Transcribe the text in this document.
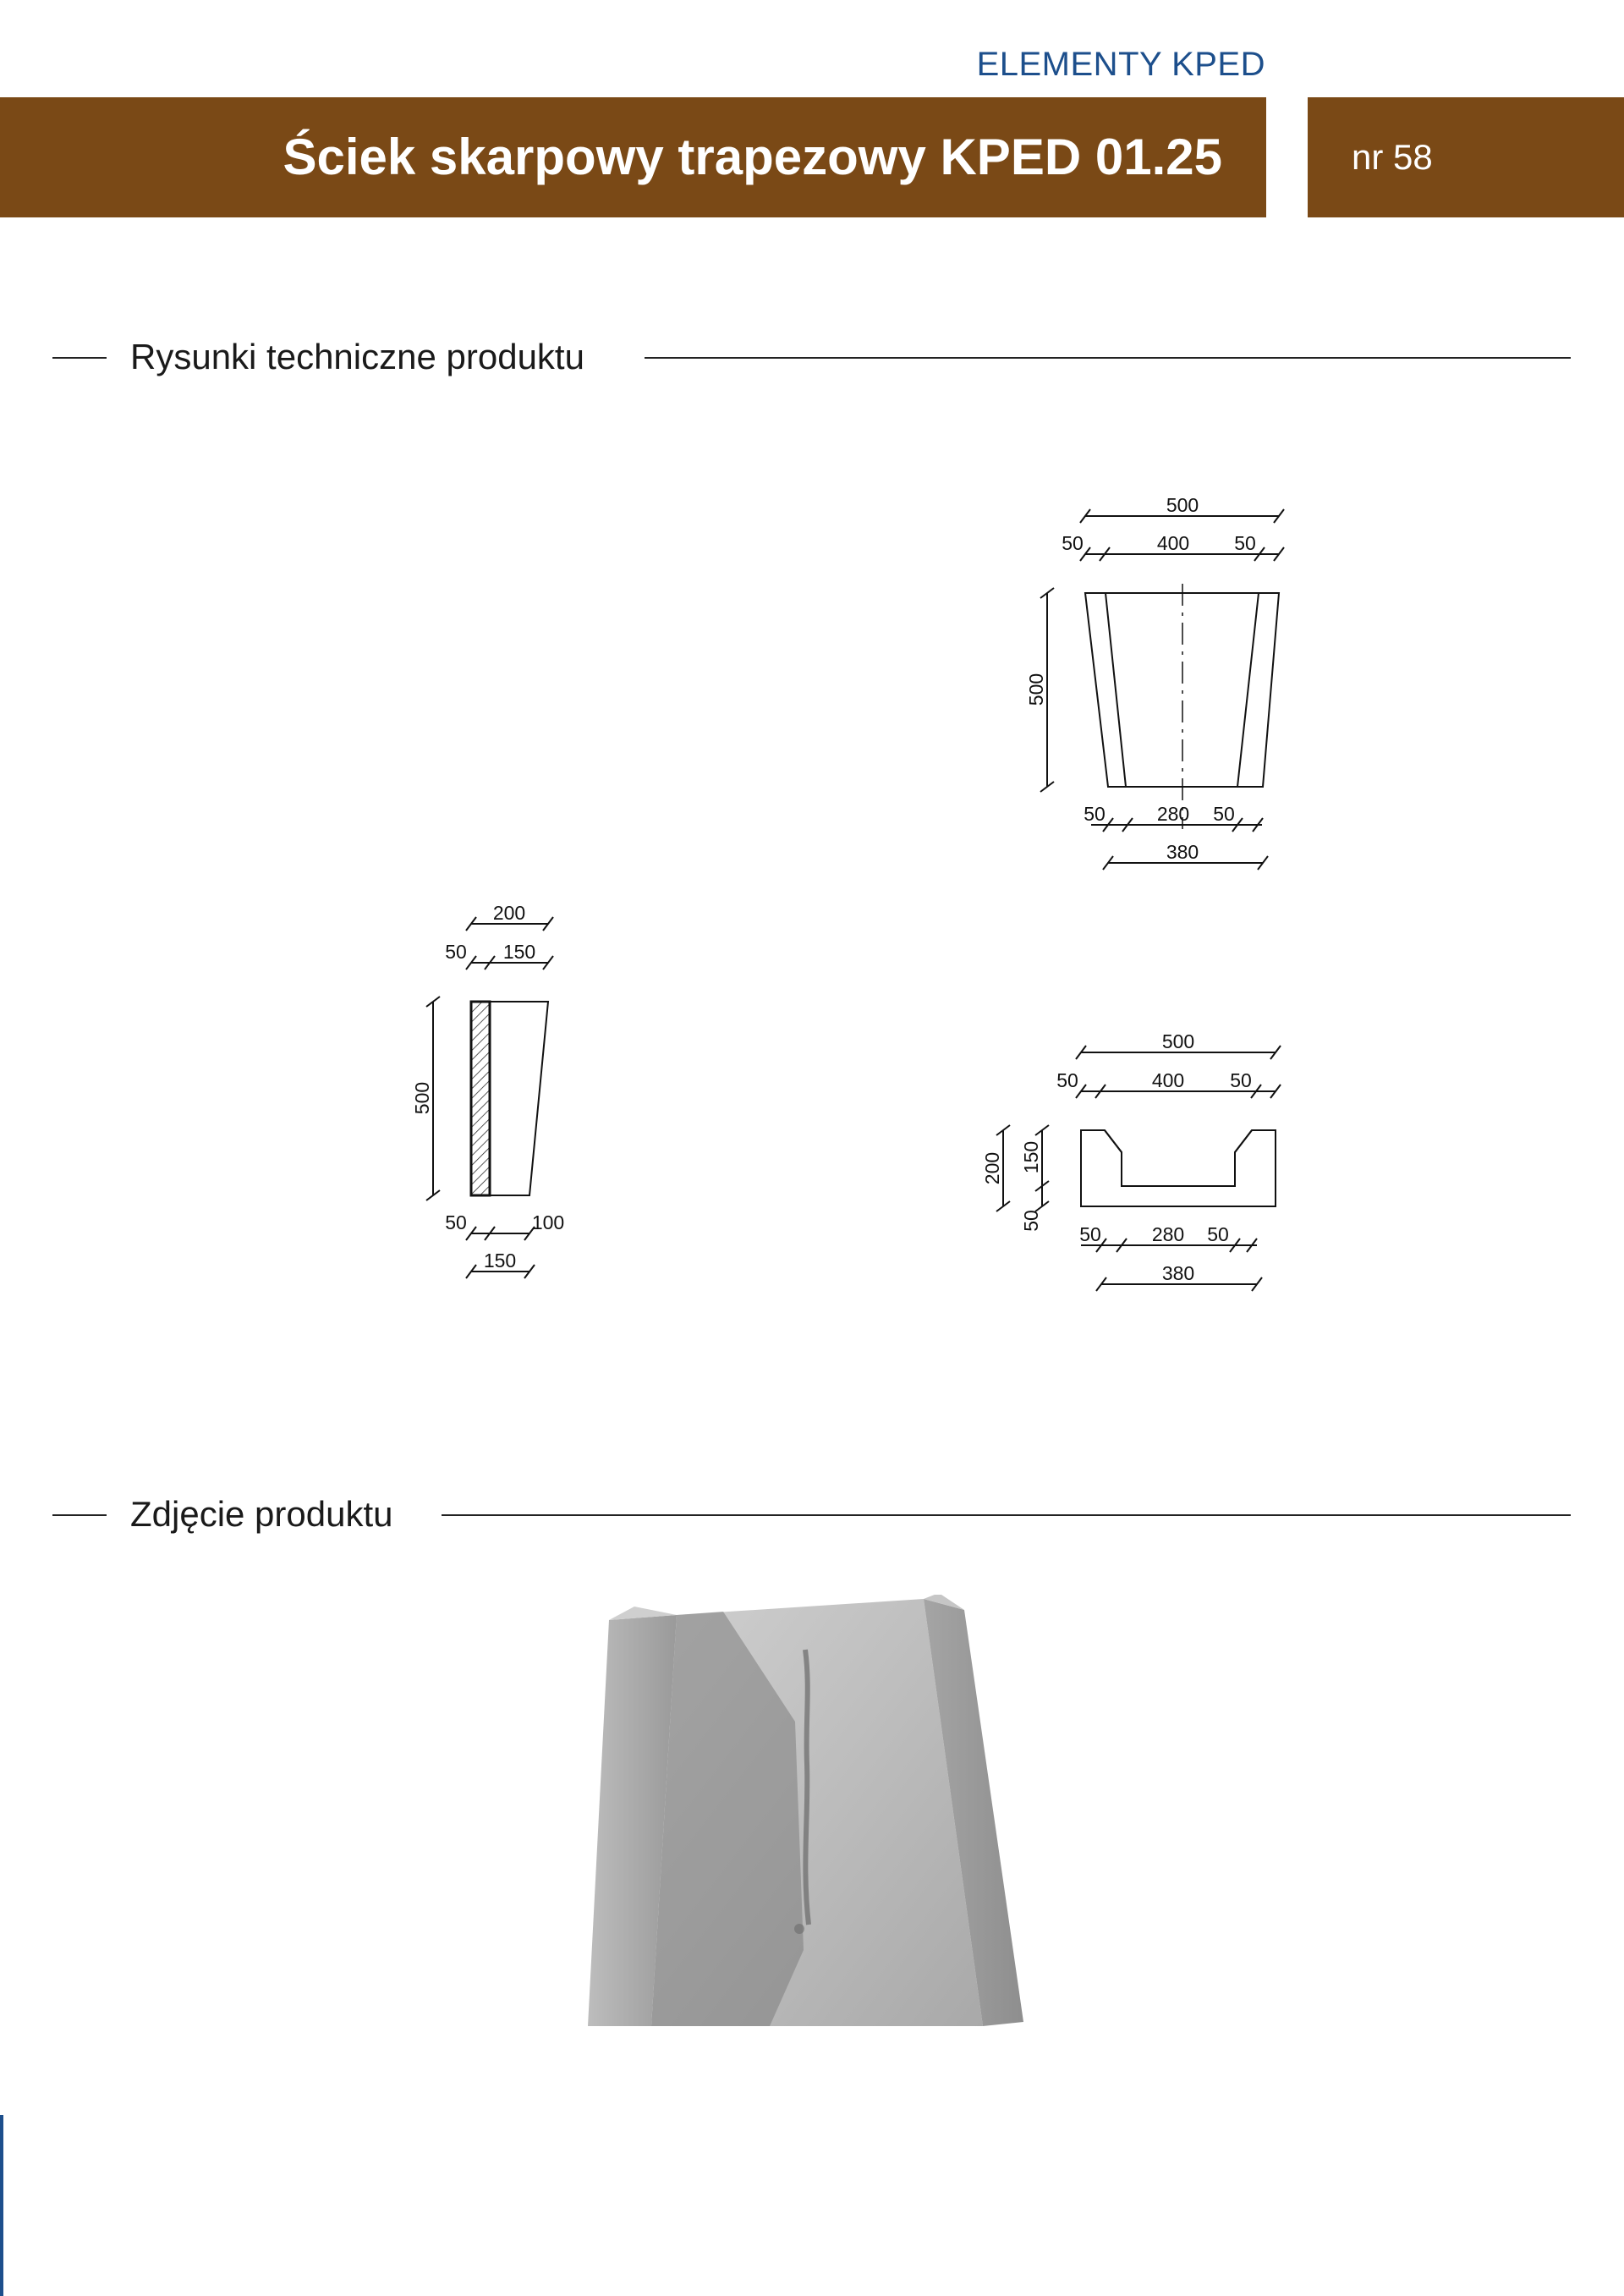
ELEMENTY KPED
Ściek skarpowy trapezowy KPED 01.25	nr 58
Rysunki techniczne produktu
Zdjęcie produktu
500
50	400 50
500
50	280 50
380
200
50 150
500
50	100
150
500
50	400 50
200 150
50
50	280 50
380
